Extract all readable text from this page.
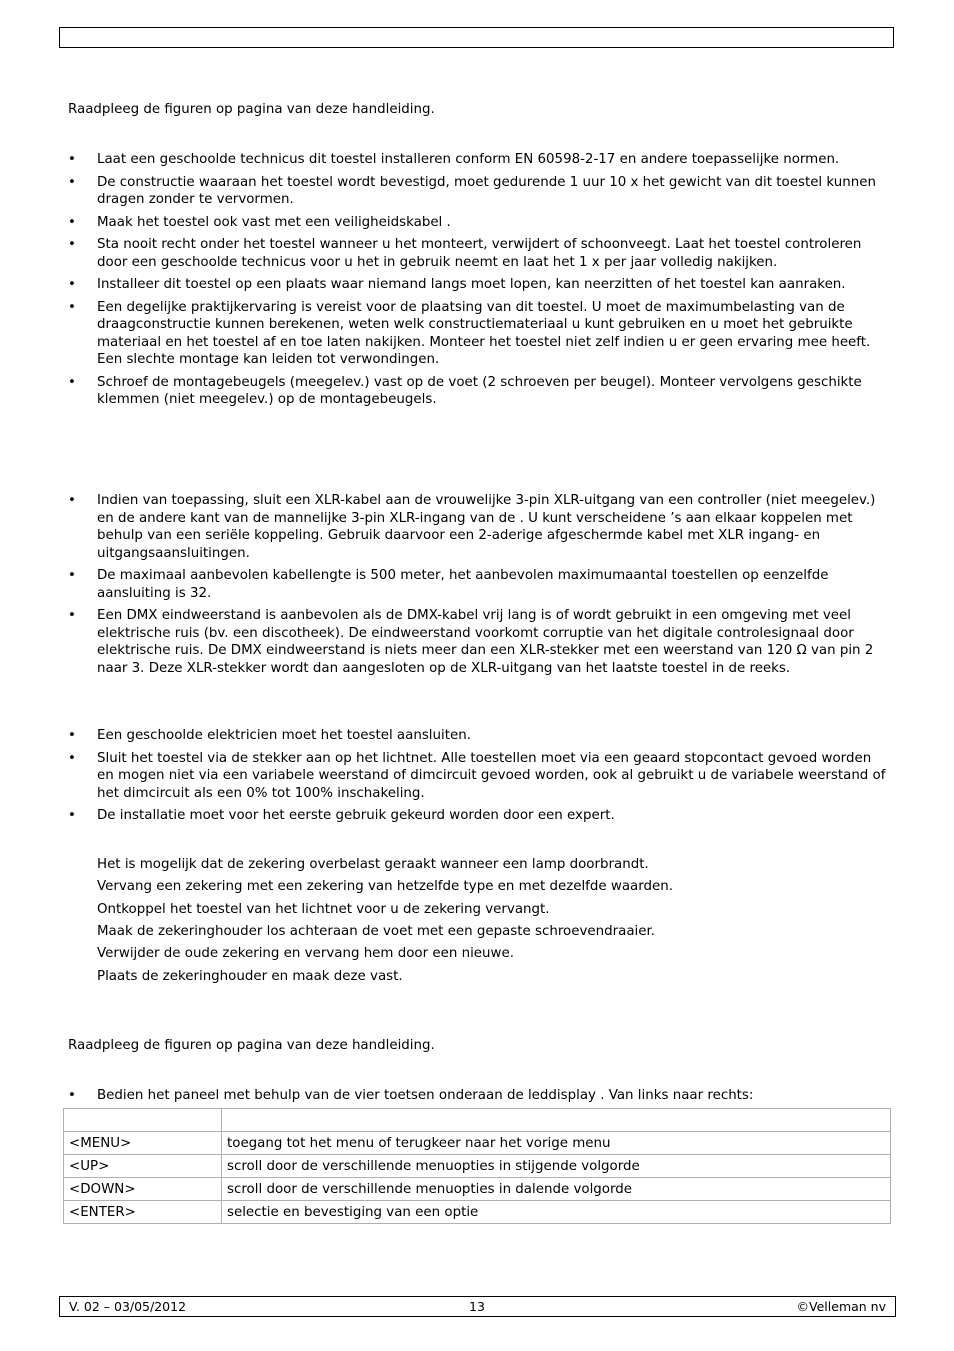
Raadpleeg de figuren op pagina van deze handleiding.
• Laat een geschoolde technicus dit toestel installeren conform EN 60598-2-17 en andere toepasselijke normen.
• De constructie waaraan het toestel wordt bevestigd, moet gedurende 1 uur 10 x het gewicht van dit toestel kunnen dragen zonder te vervormen.
• Maak het toestel ook vast met een veiligheidskabel .
• Sta nooit recht onder het toestel wanneer u het monteert, verwijdert of schoonveegt. Laat het toestel controleren door een geschoolde technicus voor u het in gebruik neemt en laat het 1 x per jaar volledig nakijken.
• Installeer dit toestel op een plaats waar niemand langs moet lopen, kan neerzitten of het toestel kan aanraken.
• Een degelijke praktijkervaring is vereist voor de plaatsing van dit toestel. U moet de maximumbelasting van de draagconstructie kunnen berekenen, weten welk constructiemateriaal u kunt gebruiken en u moet het gebruikte materiaal en het toestel af en toe laten nakijken. Monteer het toestel niet zelf indien u er geen ervaring mee heeft. Een slechte montage kan leiden tot verwondingen.
• Schroef de montagebeugels (meegelev.) vast op de voet (2 schroeven per beugel). Monteer vervolgens geschikte klemmen (niet meegelev.) op de montagebeugels.
• Indien van toepassing, sluit een XLR-kabel aan de vrouwelijke 3-pin XLR-uitgang van een controller (niet meegelev.) en de andere kant van de mannelijke 3-pin XLR-ingang van de . U kunt verscheidene ’s aan elkaar koppelen met behulp van een seriële koppeling. Gebruik daarvoor een 2-aderige afgeschermde kabel met XLR ingang- en uitgangsaansluitingen.
• De maximaal aanbevolen kabellengte is 500 meter, het aanbevolen maximumaantal toestellen op eenzelfde aansluiting is 32.
• Een DMX eindweerstand is aanbevolen als de DMX-kabel vrij lang is of wordt gebruikt in een omgeving met veel elektrische ruis (bv. een discotheek). De eindweerstand voorkomt corruptie van het digitale controlesignaal door elektrische ruis. De DMX eindweerstand is niets meer dan een XLR-stekker met een weerstand van 120 Ω van pin 2 naar 3. Deze XLR-stekker wordt dan aangesloten op de XLR-uitgang van het laatste toestel in de reeks.
• Een geschoolde elektricien moet het toestel aansluiten.
• Sluit het toestel via de stekker aan op het lichtnet. Alle toestellen moet via een geaard stopcontact gevoed worden en mogen niet via een variabele weerstand of dimcircuit gevoed worden, ook al gebruikt u de variabele weerstand of het dimcircuit als een 0% tot 100% inschakeling.
• De installatie moet voor het eerste gebruik gekeurd worden door een expert.
Het is mogelijk dat de zekering overbelast geraakt wanneer een lamp doorbrandt.
Vervang een zekering met een zekering van hetzelfde type en met dezelfde waarden.
Ontkoppel het toestel van het lichtnet voor u de zekering vervangt.
Maak de zekeringhouder los achteraan de voet met een gepaste schroevendraaier.
Verwijder de oude zekering en vervang hem door een nieuwe.
Plaats de zekeringhouder en maak deze vast.
Raadpleeg de figuren op pagina van deze handleiding.
• Bedien het paneel met behulp van de vier toetsen onderaan de leddisplay . Van links naar rechts:

<MENU>	toegang tot het menu of terugkeer naar het vorige menu
<UP>	scroll door de verschillende menuopties in stijgende volgorde
<DOWN>	scroll door de verschillende menuopties in dalende volgorde
<ENTER>	selectie en bevestiging van een optie
V. 02 – 03/05/2012	13	©Velleman nv
